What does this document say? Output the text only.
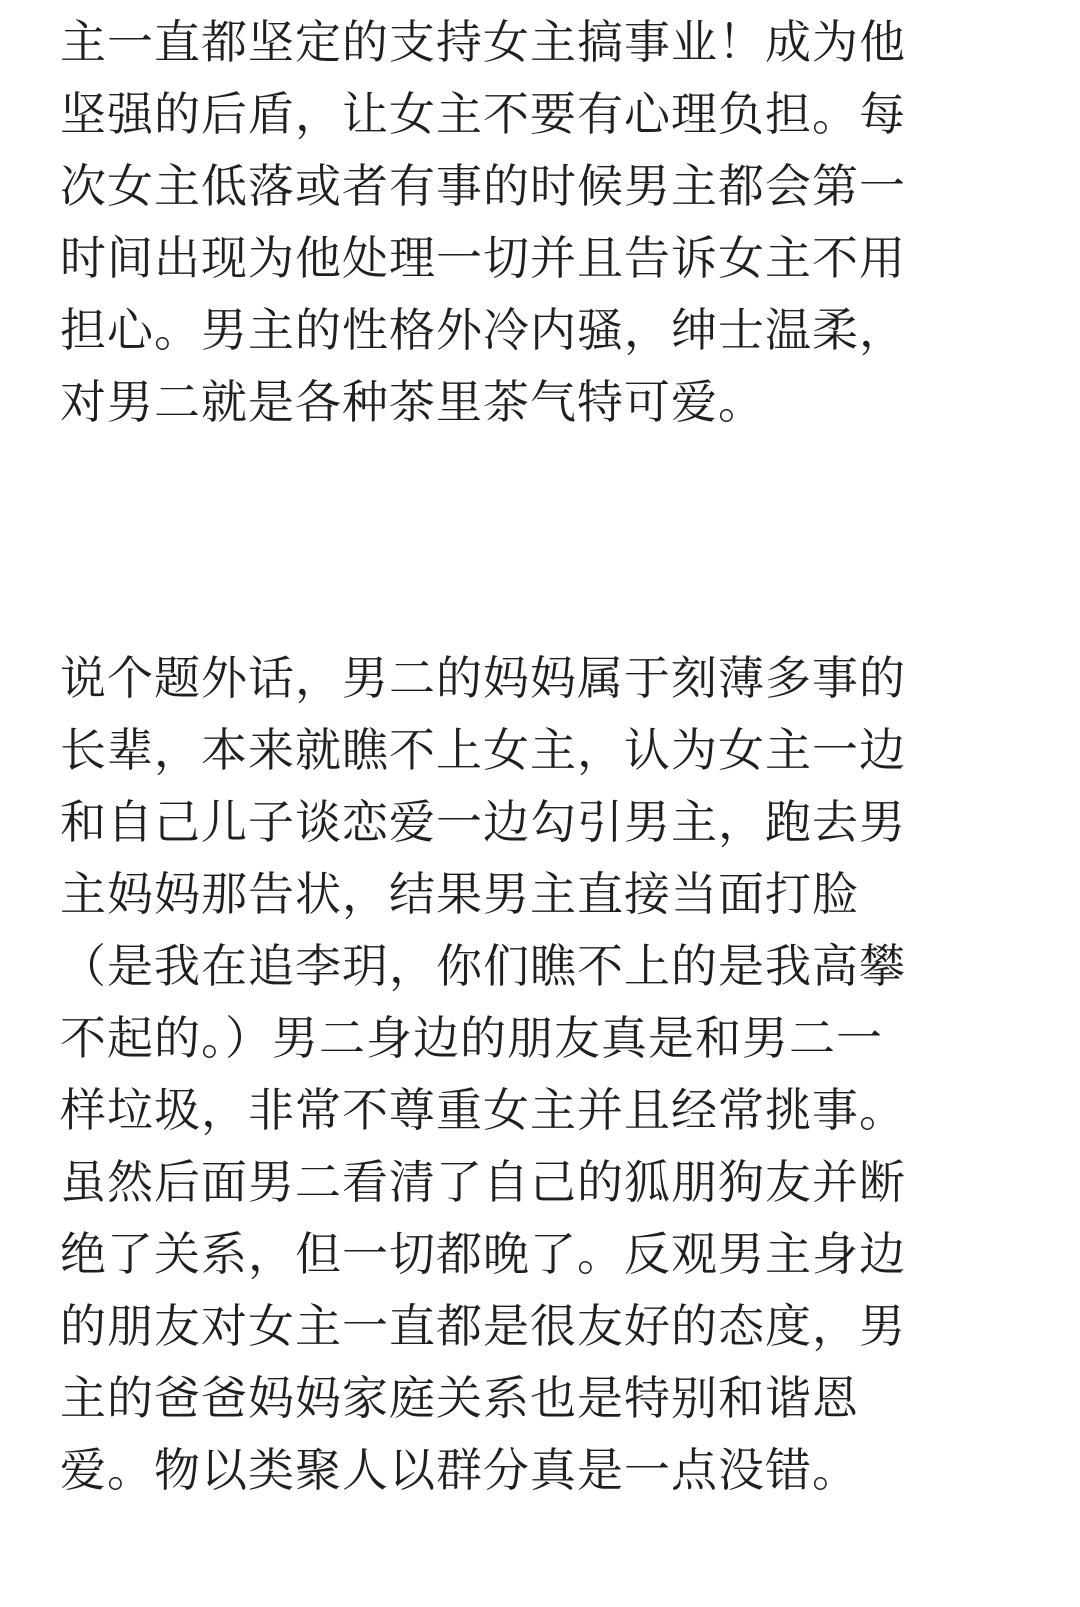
主一直都坚定的支持女主搞事业！成为他
坚强的后盾，让女主不要有心理负担。每
次女主低落或者有事的时候男主都会第一
时间出现为他处理一切并且告诉女主不用
担心。男主的性格外冷内骚，绅士温柔，
对男二就是各种茶里茶气特可爱。

说个题外话，男二的妈妈属于刻薄多事的
长辈，本来就瞧不上女主，认为女主一边
和自己儿子谈恋爱一边勾引男主，跑去男
主妈妈那告状，结果男主直接当面打脸
（是我在追李玥，你们瞧不上的是我高攀
不起的。）男二身边的朋友真是和男二一
样垃圾，非常不尊重女主并且经常挑事。
虽然后面男二看清了自己的狐朋狗友并断
绝了关系，但一切都晚了。反观男主身边
的朋友对女主一直都是很友好的态度，男
主的爸爸妈妈家庭关系也是特别和谐恩
爱。物以类聚人以群分真是一点没错。
